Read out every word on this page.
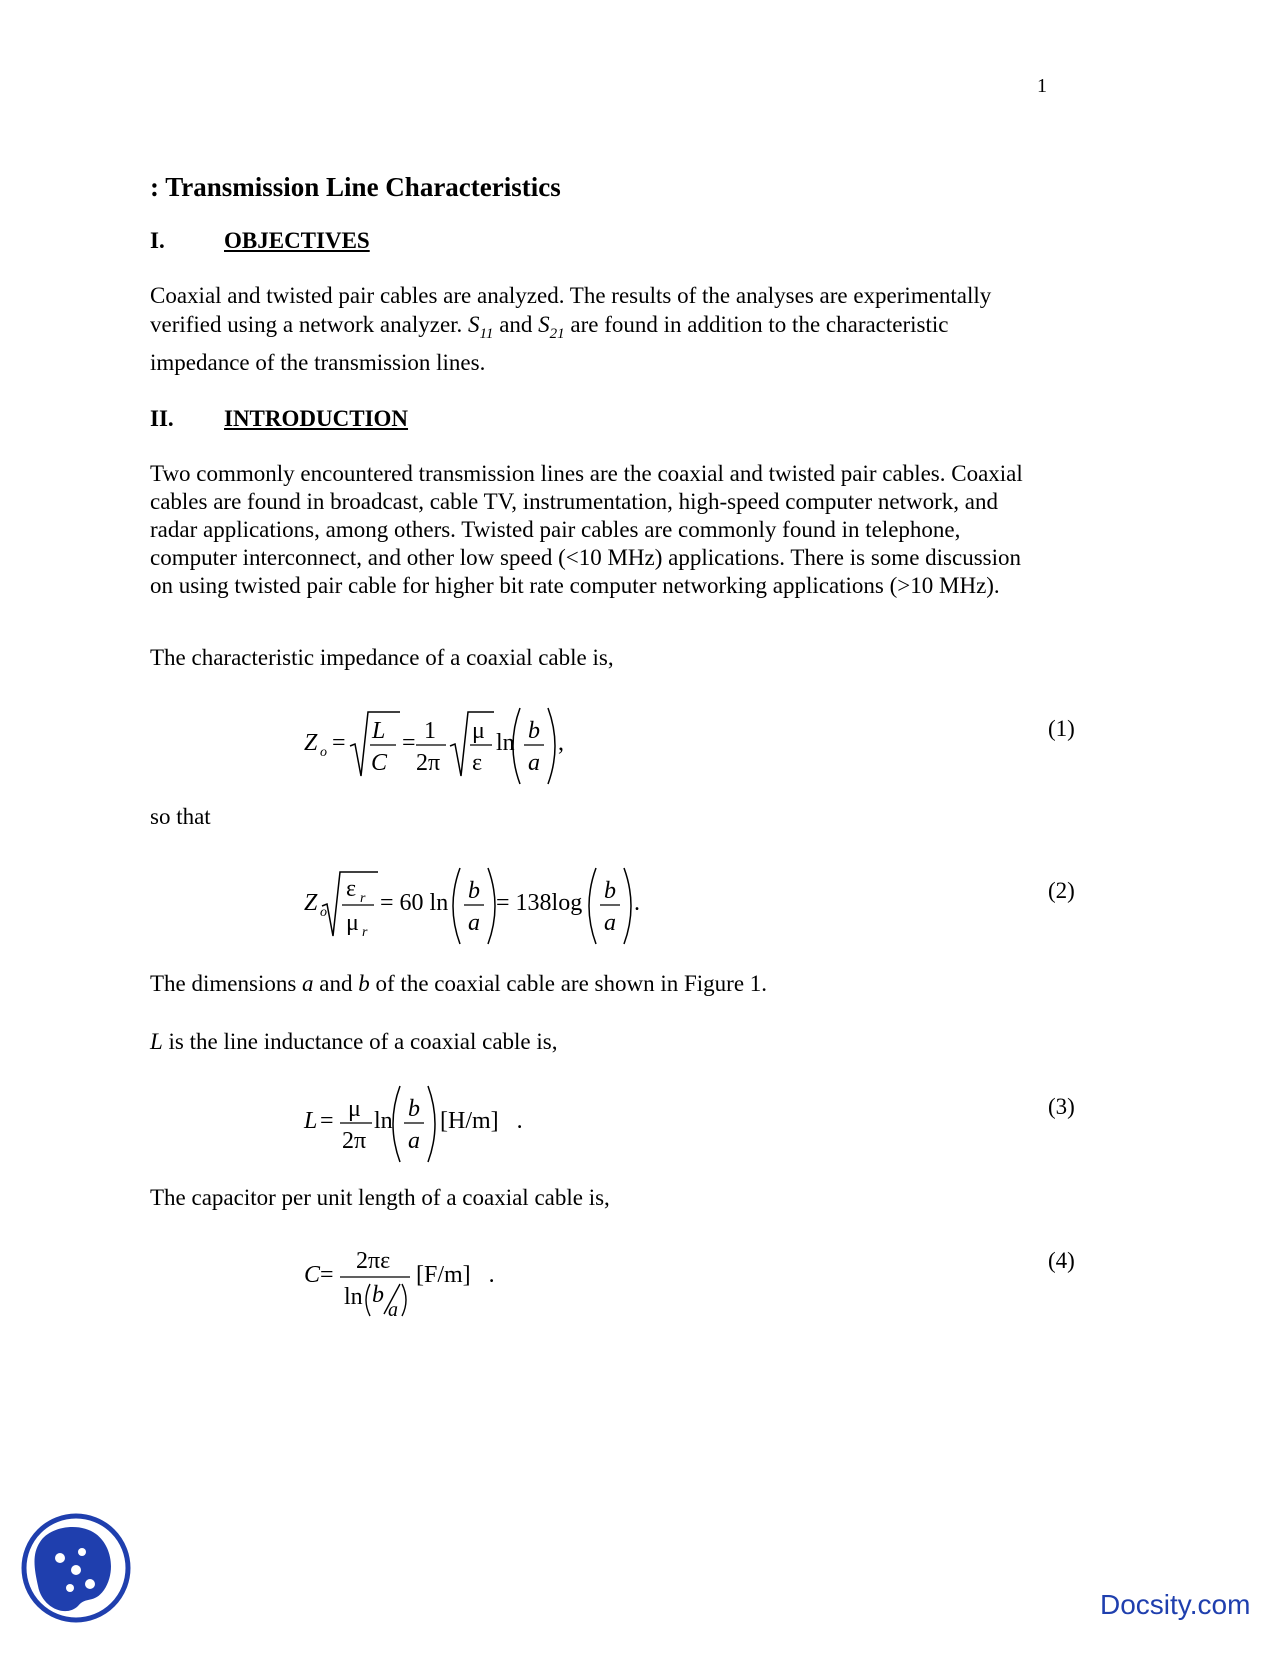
1
: Transmission Line Characteristics
I.	OBJECTIVES
Coaxial and twisted pair cables are analyzed. The results of the analyses are experimentally
verified using a network analyzer. $S_{11}$ and $S_{21}$ are found in addition to the characteristic
impedance of the transmission lines.
II. INTRODUCTION
Two commonly encountered transmission lines are the coaxial and twisted pair cables. Coaxial
cables are found in broadcast, cable TV, instrumentation, high-speed computer network, and
radar applications, among others. Twisted pair cables are commonly found in telephone,
computer interconnect, and other low speed (<10 MHz) applications. There is some discussion
on using twisted pair cable for higher bit rate computer networking applications (>10 MHz).
The characteristic impedance of a coaxial cable is,
Z o = L
C
= 1
2π
μ
ε
ln b
a
,
(1)
so that
Z o
ε r
μ r
= 60 ln b
a
= 138log b
a
.	(2)
The dimensions a and b of the coaxial cable are shown in Figure 1.
L is the line inductance of a coaxial cable is,
L = μ
2π
ln b
a
[H/m]   .
(3)
The capacitor per unit length of a coaxial cable is,
C =
2πε
ln b
a
[F/m]   .
(4)
Docsity.com
